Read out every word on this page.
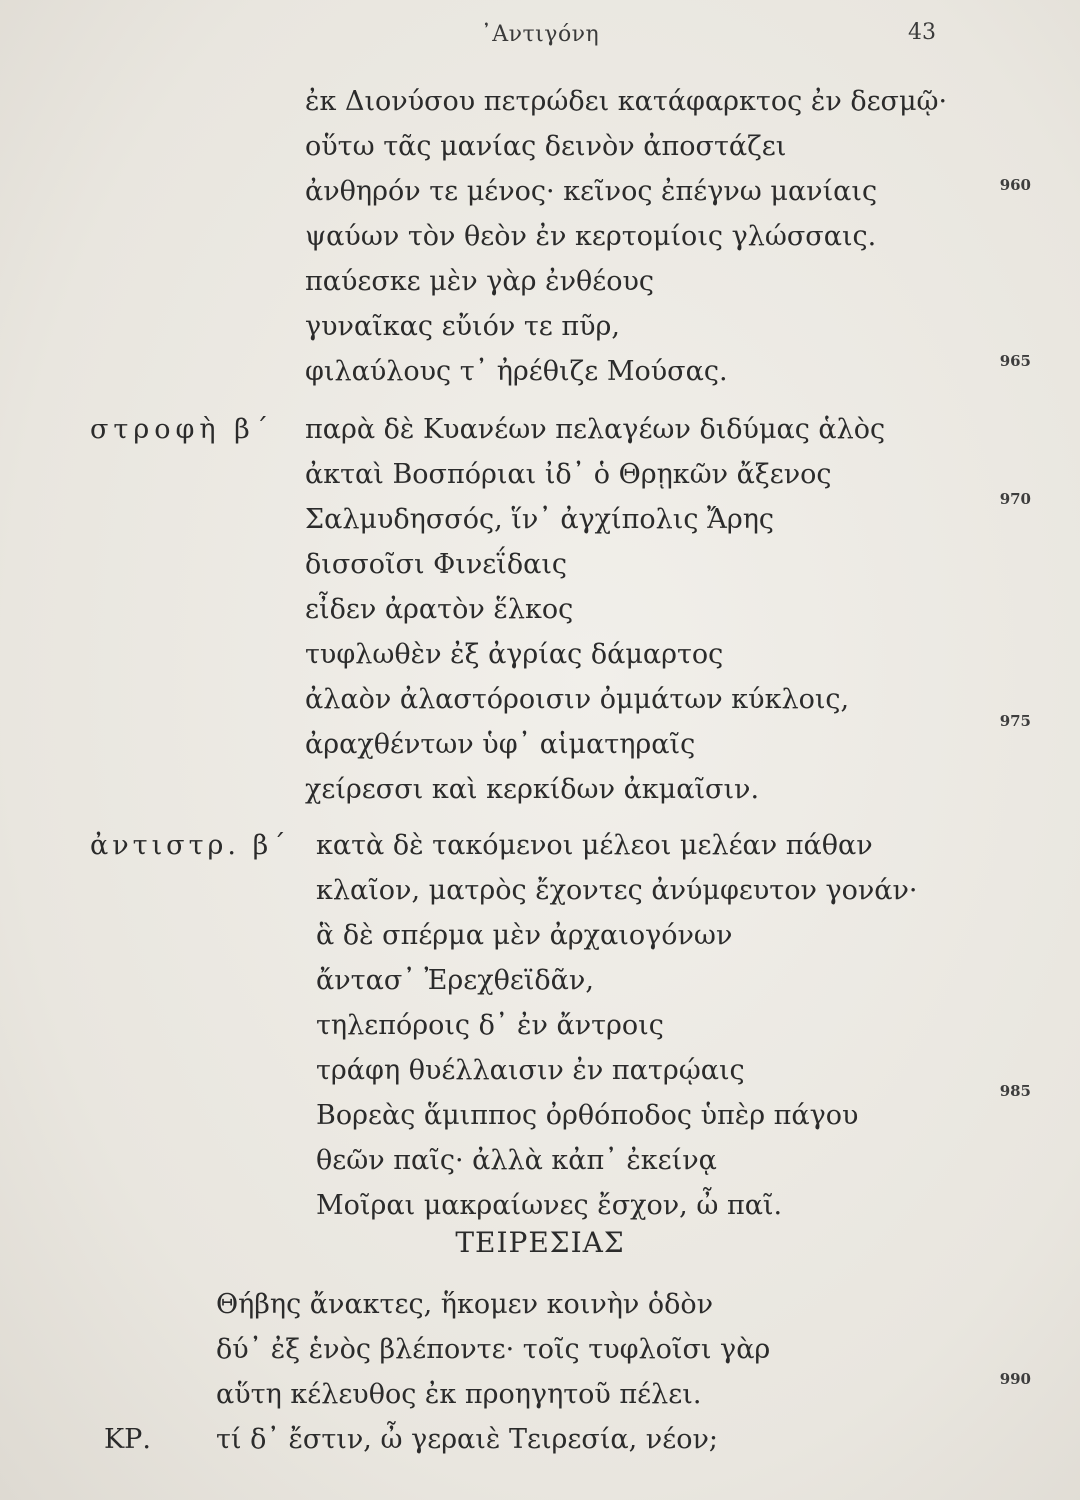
᾿Αντιγόνη	43
ἐκ Διονύσου πετρώδει κατάφαρκτος ἐν δεσμῷ·
οὕτω τᾶς μανίας δεινὸν ἀποστάζει
ἀνθηρόν τε μένος· κεῖνος ἐπέγνω μανίαις
ψαύων τὸν θεὸν ἐν κερτομίοις γλώσσαις.
παύεσκε μὲν γὰρ ἐνθέους
γυναῖκας εὔιόν τε πῦρ,
φιλαύλους τ᾿ ἠρέθιζε Μούσας.
960
965
στροφὴ β΄ παρὰ δὲ Κυανέων πελαγέων διδύμας ἁλὸς
ἀκταὶ Βοσπόριαι ἰδ᾿ ὁ Θρῃκῶν ἄξενος
Σαλμυδησσός, ἵν᾿ ἀγχίπολις Ἄρης
δισσοῖσι Φινεΐδαις
εἶδεν ἀρατὸν ἕλκος
τυφλωθὲν ἐξ ἀγρίας δάμαρτος
ἀλαὸν ἀλαστόροισιν ὀμμάτων κύκλοις,
ἀραχθέντων ὑφ᾿ αἱματηραῖς
χείρεσσι καὶ κερκίδων ἀκμαῖσιν.
970
975
ἀντιστρ. β΄ κατὰ δὲ τακόμενοι μέλεοι μελέαν πάθαν
κλαῖον, ματρὸς ἔχοντες ἀνύμφευτον γονάν·
ἃ δὲ σπέρμα μὲν ἀρχαιογόνων
ἄντασ᾿ Ἐρεχθεϊδᾶν,
τηλεπόροις δ᾿ ἐν ἄντροις
τράφη θυέλλαισιν ἐν πατρῴαις
Βορεὰς ἅμιππος ὀρθόποδος ὑπὲρ πάγου
θεῶν παῖς· ἀλλὰ κἀπ᾿ ἐκείνᾳ
Μοῖραι μακραίωνες ἔσχον, ὦ παῖ.
985
ΤΕΙΡΕΣΙΑΣ
Θήβης ἄνακτες, ἥκομεν κοινὴν ὁδὸν
δύ᾿ ἐξ ἑνὸς βλέποντε· τοῖς τυφλοῖσι γὰρ
αὕτη κέλευθος ἐκ προηγητοῦ πέλει.	990
ΚΡ. τί δ᾿ ἔστιν, ὦ γεραιὲ Τειρεσία, νέον;
